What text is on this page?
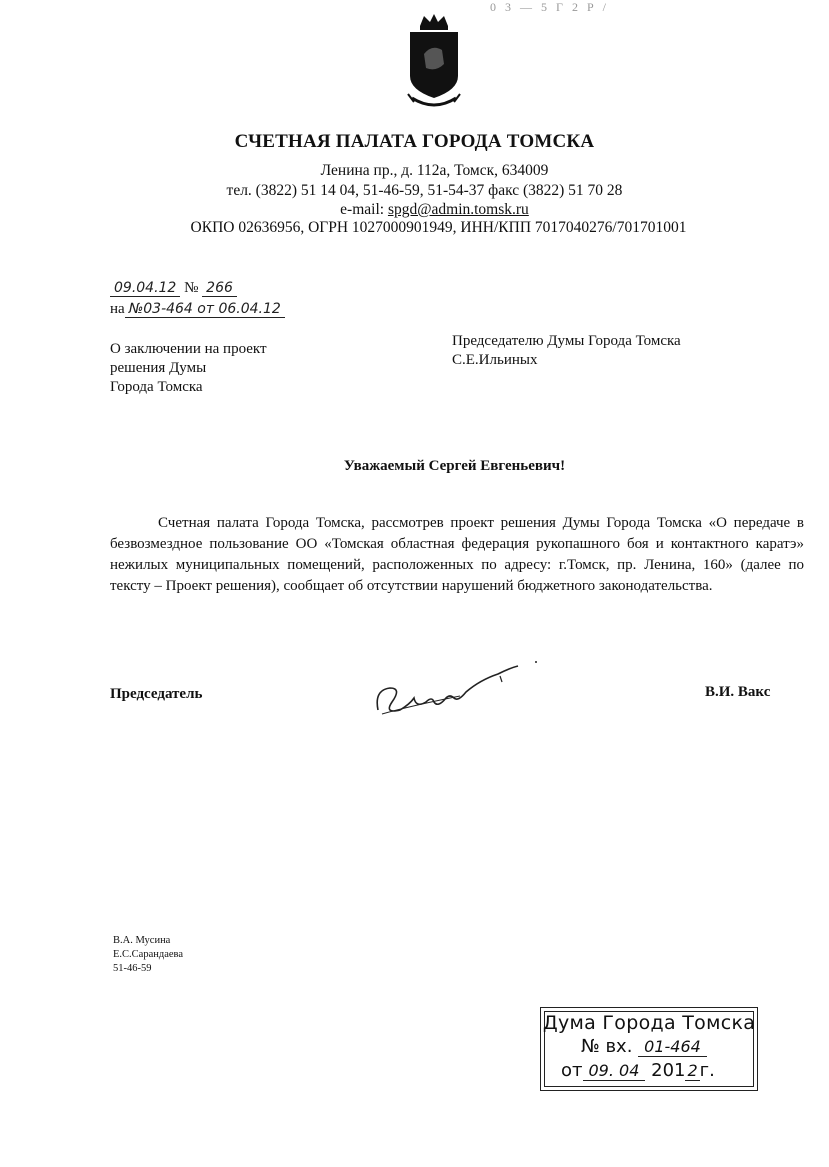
0 3 — 5 Г 2 Р /
СЧЕТНАЯ ПАЛАТА ГОРОДА ТОМСКА
Ленина пр., д. 112а, Томск, 634009
тел. (3822) 51 14 04, 51-46-59, 51-54-37 факс (3822) 51 70 28
e-mail: spgd@admin.tomsk.ru
ОКПО 02636956, ОГРН 1027000901949, ИНН/КПП 7017040276/701701001
09.04.12 № 266
на №03-464 от 06.04.12
О заключении на проект
решения Думы
Города Томска
Председателю Думы Города Томска
С.Е.Ильиных
Уважаемый Сергей Евгеньевич!
Счетная палата Города Томска, рассмотрев проект решения Думы Города Томска «О передаче в безвозмездное пользование ОО «Томская областная федерация рукопашного боя и контактного каратэ» нежилых муниципальных помещений, расположенных по адресу: г.Томск, пр. Ленина, 160» (далее по тексту – Проект решения), сообщает об отсутствии нарушений бюджетного законодательства.
Председатель	В.И. Вакс
В.А. Мусина
Е.С.Сарандаева
51-46-59
Дума Города Томска
№ вх. 01-464
от 09. 04 201 2 г.
